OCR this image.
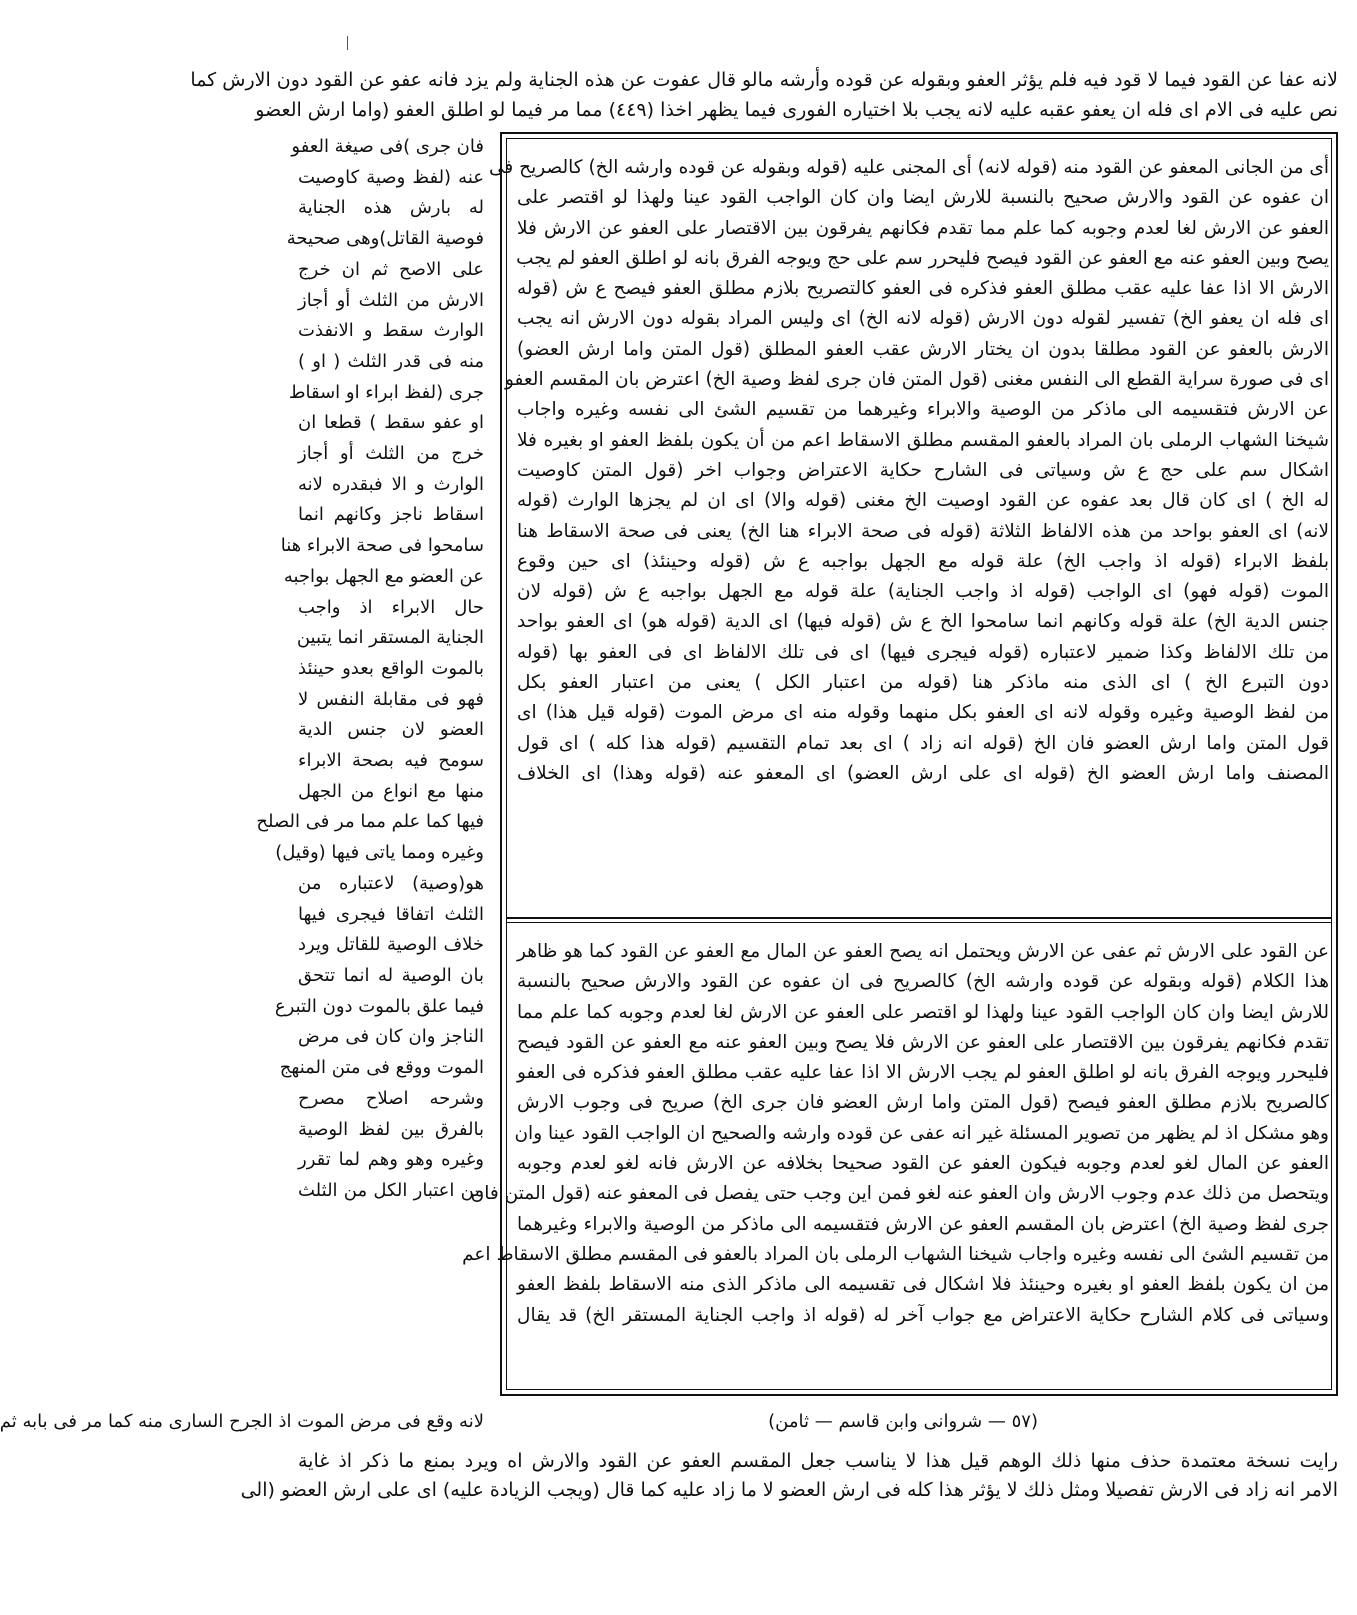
لانه عفا عن القود فيما لا قود فيه فلم يؤثر العفو وبقوله عن قوده وأرشه مالو قال عفوت عن هذه الجناية ولم يزد فانه عفو عن القود دون الارش كما
نص عليه فى الام اى فله ان يعفو عقبه عليه لانه يجب بلا اختياره الفورى فيما يظهر اخذا (٤٤٩) مما مر فيما لو اطلق العفو (واما ارش العضو
فان جرى )فى صيغة العفو
عنه (لفظ وصية كاوصيت
له بارش هذه الجناية
فوصية القاتل)وهى صحيحة
على الاصح ثم ان خرج
الارش من الثلث أو أجاز
الوارث سقط و الانفذت
منه فى قدر الثلث ( او )
جرى (لفظ ابراء او اسقاط
او عفو سقط ) قطعا ان
خرج من الثلث أو أجاز
الوارث و الا فبقدره لانه
اسقاط ناجز وكانهم انما
سامحوا فى صحة الابراء هنا
عن العضو مع الجهل بواجبه
حال الابراء اذ واجب
الجناية المستقر انما يتبين
بالموت الواقع بعدو حينئذ
فهو فى مقابلة النفس لا
العضو لان جنس الدية
سومح فيه بصحة الابراء
منها مع انواع من الجهل
فيها كما علم مما مر فى الصلح
وغيره ومما ياتى فيها (وقيل)
هو(وصية) لاعتباره من
الثلث اتفاقا فيجرى فيها
خلاف الوصية للقاتل ويرد
بان الوصية له انما تتحق
فيما علق بالموت دون التبرع
الناجز وان كان فى مرض
الموت ووقع فى متن المنهج
وشرحه اصلاح مصرح
بالفرق بين لفظ الوصية
وغيره وهو وهم لما تقرر
من اعتبار الكل من الثلث
أى من الجانى المعفو عن القود منه (قوله لانه) أى المجنى عليه (قوله وبقوله عن قوده وارشه الخ) كالصريح فى
ان عفوه عن القود والارش صحيح بالنسبة للارش ايضا وان كان الواجب القود عينا ولهذا لو اقتصر على
العفو عن الارش لغا لعدم وجوبه كما علم مما تقدم فكانهم يفرقون بين الاقتصار على العفو عن الارش فلا
يصح وبين العفو عنه مع العفو عن القود فيصح فليحرر سم على حج ويوجه الفرق بانه لو اطلق العفو لم يجب
الارش الا اذا عفا عليه عقب مطلق العفو فذكره فى العفو كالتصريح بلازم مطلق العفو فيصح ع ش (قوله
اى فله ان يعفو الخ) تفسير لقوله دون الارش (قوله لانه الخ) اى وليس المراد بقوله دون الارش انه يجب
الارش بالعفو عن القود مطلقا بدون ان يختار الارش عقب العفو المطلق (قول المتن واما ارش العضو)
اى فى صورة سراية القطع الى النفس مغنى (قول المتن فان جرى لفظ وصية الخ) اعترض بان المقسم العفو
عن الارش فتقسيمه الى ماذكر من الوصية والابراء وغيرهما من تقسيم الشئ الى نفسه وغيره واجاب
شيخنا الشهاب الرملى بان المراد بالعفو المقسم مطلق الاسقاط اعم من أن يكون بلفظ العفو او بغيره فلا
اشكال سم على حج ع ش وسياتى فى الشارح حكاية الاعتراض وجواب اخر (قول المتن كاوصيت
له الخ ) اى كان قال بعد عفوه عن القود اوصيت الخ مغنى (قوله والا) اى ان لم يجزها الوارث (قوله
لانه) اى العفو بواحد من هذه الالفاظ الثلاثة (قوله فى صحة الابراء هنا الخ) يعنى فى صحة الاسقاط هنا
بلفظ الابراء (قوله اذ واجب الخ) علة قوله مع الجهل بواجبه ع ش (قوله وحينئذ) اى حين وقوع
الموت (قوله فهو) اى الواجب (قوله اذ واجب الجناية) علة قوله مع الجهل بواجبه ع ش (قوله لان
جنس الدية الخ) علة قوله وكانهم انما سامحوا الخ ع ش (قوله فيها) اى الدية (قوله هو) اى العفو بواحد
من تلك الالفاظ وكذا ضمير لاعتباره (قوله فيجرى فيها) اى فى تلك الالفاظ اى فى العفو بها (قوله
دون التبرع الخ ) اى الذى منه ماذكر هنا (قوله من اعتبار الكل ) يعنى من اعتبار العفو بكل
من لفظ الوصية وغيره وقوله لانه اى العفو بكل منهما وقوله منه اى مرض الموت (قوله قيل هذا) اى
قول المتن واما ارش العضو فان الخ (قوله انه زاد ) اى بعد تمام التقسيم (قوله هذا كله ) اى قول
المصنف واما ارش العضو الخ (قوله اى على ارش العضو) اى المعفو عنه (قوله وهذا) اى الخلاف
عن القود على الارش ثم عفى عن الارش ويحتمل انه يصح العفو عن المال مع العفو عن القود كما هو ظاهر
هذا الكلام (قوله وبقوله عن قوده وارشه الخ) كالصريح فى ان عفوه عن القود والارش صحيح بالنسبة
للارش ايضا وان كان الواجب القود عينا ولهذا لو اقتصر على العفو عن الارش لغا لعدم وجوبه كما علم مما
تقدم فكانهم يفرقون بين الاقتصار على العفو عن الارش فلا يصح وبين العفو عنه مع العفو عن القود فيصح
فليحرر ويوجه الفرق بانه لو اطلق العفو لم يجب الارش الا اذا عفا عليه عقب مطلق العفو فذكره فى العفو
كالصريح بلازم مطلق العفو فيصح (قول المتن واما ارش العضو فان جرى الخ) صريح فى وجوب الارش
وهو مشكل اذ لم يظهر من تصوير المسئلة غير انه عفى عن قوده وارشه والصحيح ان الواجب القود عينا وان
العفو عن المال لغو لعدم وجوبه فيكون العفو عن القود صحيحا بخلافه عن الارش فانه لغو لعدم وجوبه
ويتحصل من ذلك عدم وجوب الارش وان العفو عنه لغو فمن اين وجب حتى يفصل فى المعفو عنه (قول المتن فان
جرى لفظ وصية الخ) اعترض بان المقسم العفو عن الارش فتقسيمه الى ماذكر من الوصية والابراء وغيرهما
من تقسيم الشئ الى نفسه وغيره واجاب شيخنا الشهاب الرملى بان المراد بالعفو فى المقسم مطلق الاسقاط اعم
من ان يكون بلفظ العفو او بغيره وحينئذ فلا اشكال فى تقسيمه الى ماذكر الذى منه الاسقاط بلفظ العفو
وسياتى فى كلام الشارح حكاية الاعتراض مع جواب آخر له (قوله اذ واجب الجناية المستقر الخ) قد يقال
(٥٧ — شروانى وابن قاسم — ثامن)
لانه وقع فى مرض الموت اذ الجرح السارى منه كما مر فى بابه ثم
رايت نسخة معتمدة حذف منها ذلك الوهم قيل هذا لا يناسب جعل المقسم العفو عن القود والارش اه ويرد بمنع ما ذكر اذ غاية
الامر انه زاد فى الارش تفصيلا ومثل ذلك لا يؤثر هذا كله فى ارش العضو لا ما زاد عليه كما قال (ويجب الزيادة عليه) اى على ارش العضو (الى
